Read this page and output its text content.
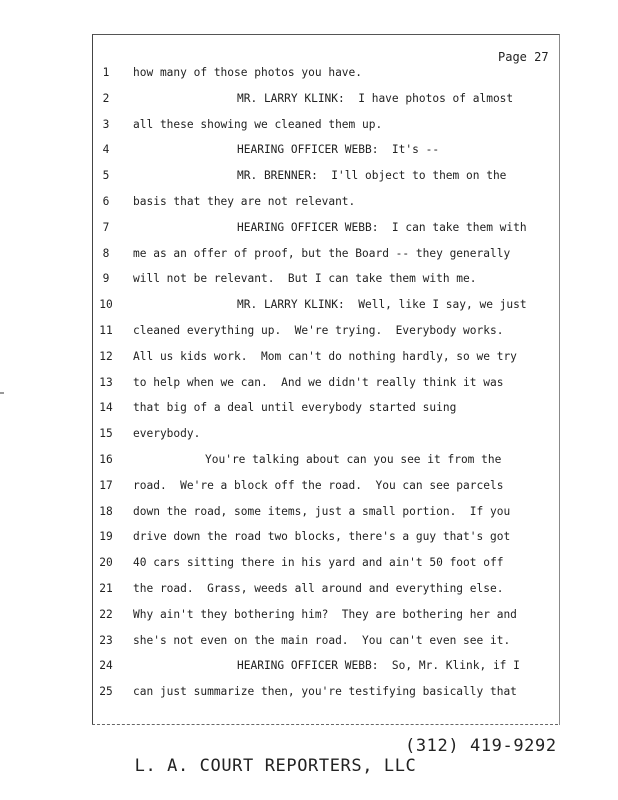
Page 27
1	how many of those photos you have.
2	MR. LARRY KLINK:  I have photos of almost
3	all these showing we cleaned them up.
4	HEARING OFFICER WEBB:  It's --
5	MR. BRENNER:  I'll object to them on the
6	basis that they are not relevant.
7	HEARING OFFICER WEBB:  I can take them with
8	me as an offer of proof, but the Board -- they generally
9	will not be relevant.  But I can take them with me.
10	MR. LARRY KLINK:  Well, like I say, we just
11	cleaned everything up.  We're trying.  Everybody works.
12	All us kids work.  Mom can't do nothing hardly, so we try
13	to help when we can.  And we didn't really think it was
14	that big of a deal until everybody started suing
15	everybody.
16	You're talking about can you see it from the
17	road.  We're a block off the road.  You can see parcels
18	down the road, some items, just a small portion.  If you
19	drive down the road two blocks, there's a guy that's got
20	40 cars sitting there in his yard and ain't 50 foot off
21	the road.  Grass, weeds all around and everything else.
22	Why ain't they bothering him?  They are bothering her and
23	she's not even on the main road.  You can't even see it.
24	HEARING OFFICER WEBB:  So, Mr. Klink, if I
25	can just summarize then, you're testifying basically that

L. A. COURT REPORTERS, LLC

(312) 419-9292
